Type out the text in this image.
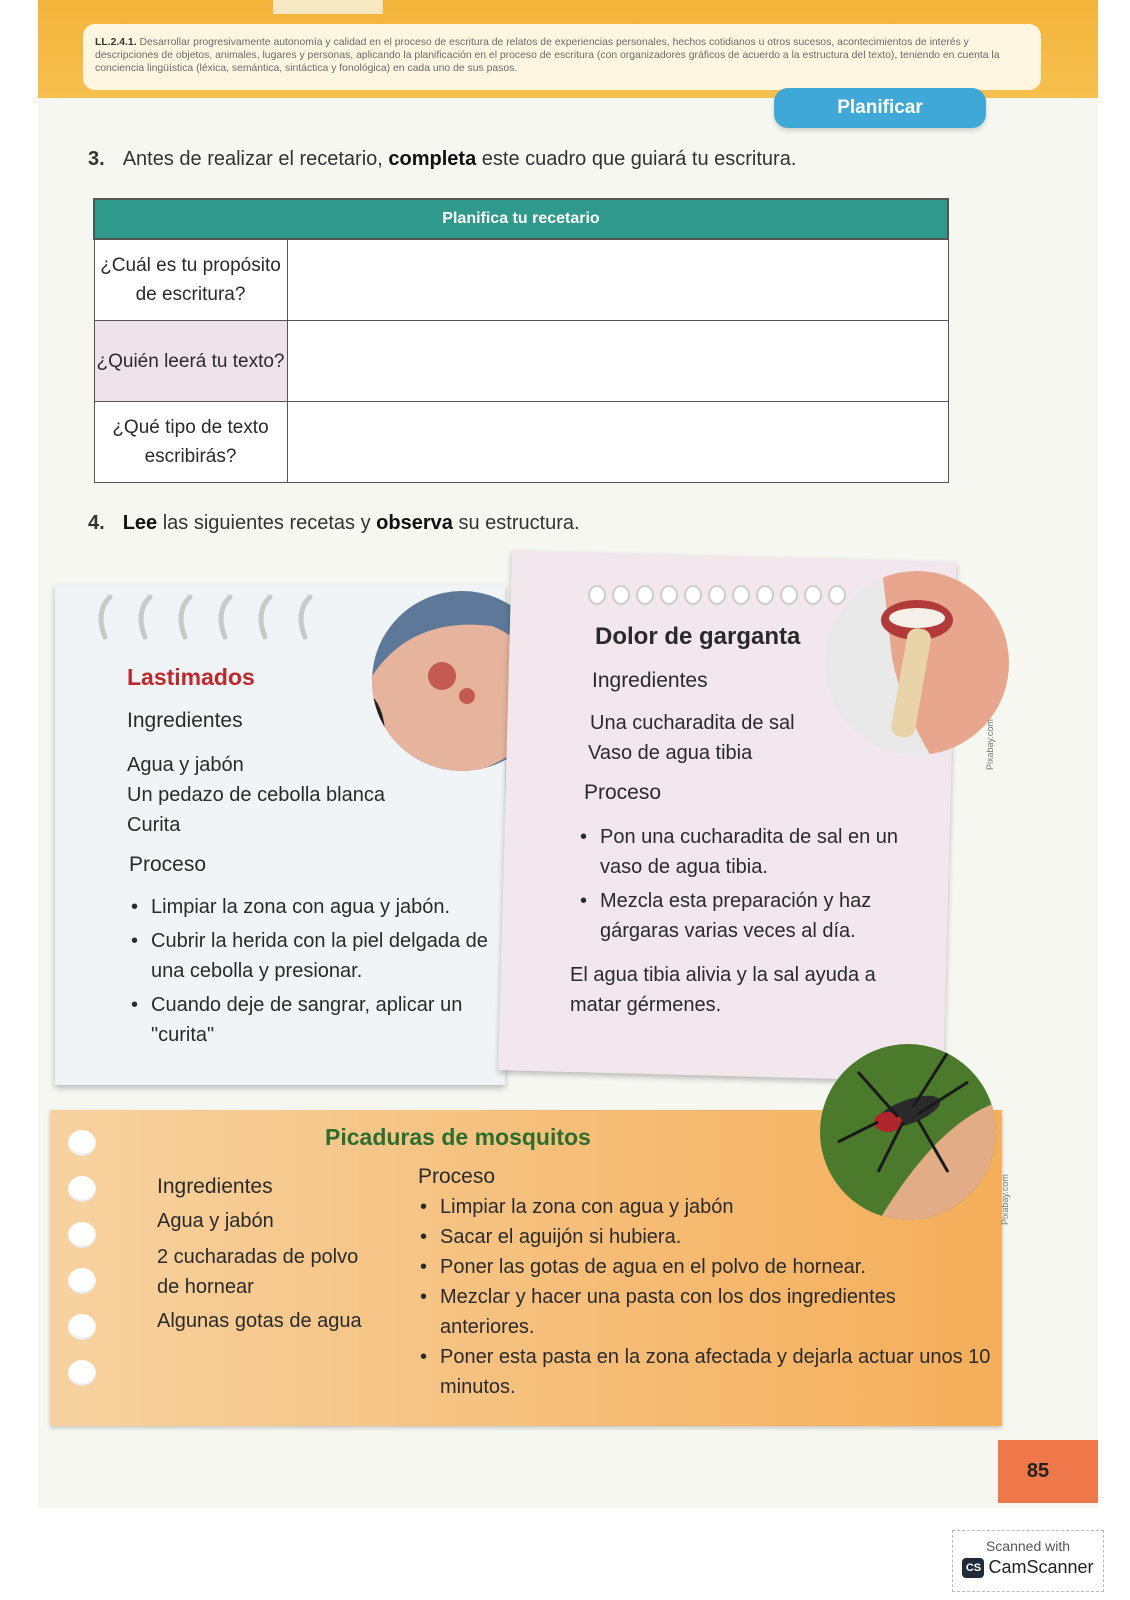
LL.2.4.1. Desarrollar progresivamente autonomía y calidad en el proceso de escritura de relatos de experiencias personales, hechos cotidianos u otros sucesos, acontecimientos de interés y descripciones de objetos, animales, lugares y personas, aplicando la planificación en el proceso de escritura (con organizadores gráficos de acuerdo a la estructura del texto), teniendo en cuenta la conciencia lingüística (léxica, semántica, sintáctica y fonológica) en cada uno de sus pasos.
Planificar
3. Antes de realizar el recetario, completa este cuadro que guiará tu escritura.
Planifica tu recetario	
¿Cuál es tu propósito de escritura?	
¿Quién leerá tu texto?	
¿Qué tipo de texto escribirás?	
4. Lee las siguientes recetas y observa su estructura.
Lastimados
Ingredientes
Agua y jabón
Un pedazo de cebolla blanca
Curita
Proceso
• Limpiar la zona con agua y jabón.
• Cubrir la herida con la piel delgada de una cebolla y presionar.
• Cuando deje de sangrar, aplicar un "curita"
Pixabay.com
Dolor de garganta
Ingredientes
Una cucharadita de sal
Vaso de agua tibia
Proceso
• Pon una cucharadita de sal en un vaso de agua tibia.
• Mezcla esta preparación y haz gárgaras varias veces al día.
El agua tibia alivia y la sal ayuda a matar gérmenes.
Pixabay.com
Picaduras de mosquitos
Ingredientes
Agua y jabón
2 cucharadas de polvo de hornear
Algunas gotas de agua
Proceso
• Limpiar la zona con agua y jabón
• Sacar el aguijón si hubiera.
• Poner las gotas de agua en el polvo de hornear.
• Mezclar y hacer una pasta con los dos ingredientes anteriores.
• Poner esta pasta en la zona afectada y dejarla actuar unos 10 minutos.
85
Scanned with
CS CamScanner
